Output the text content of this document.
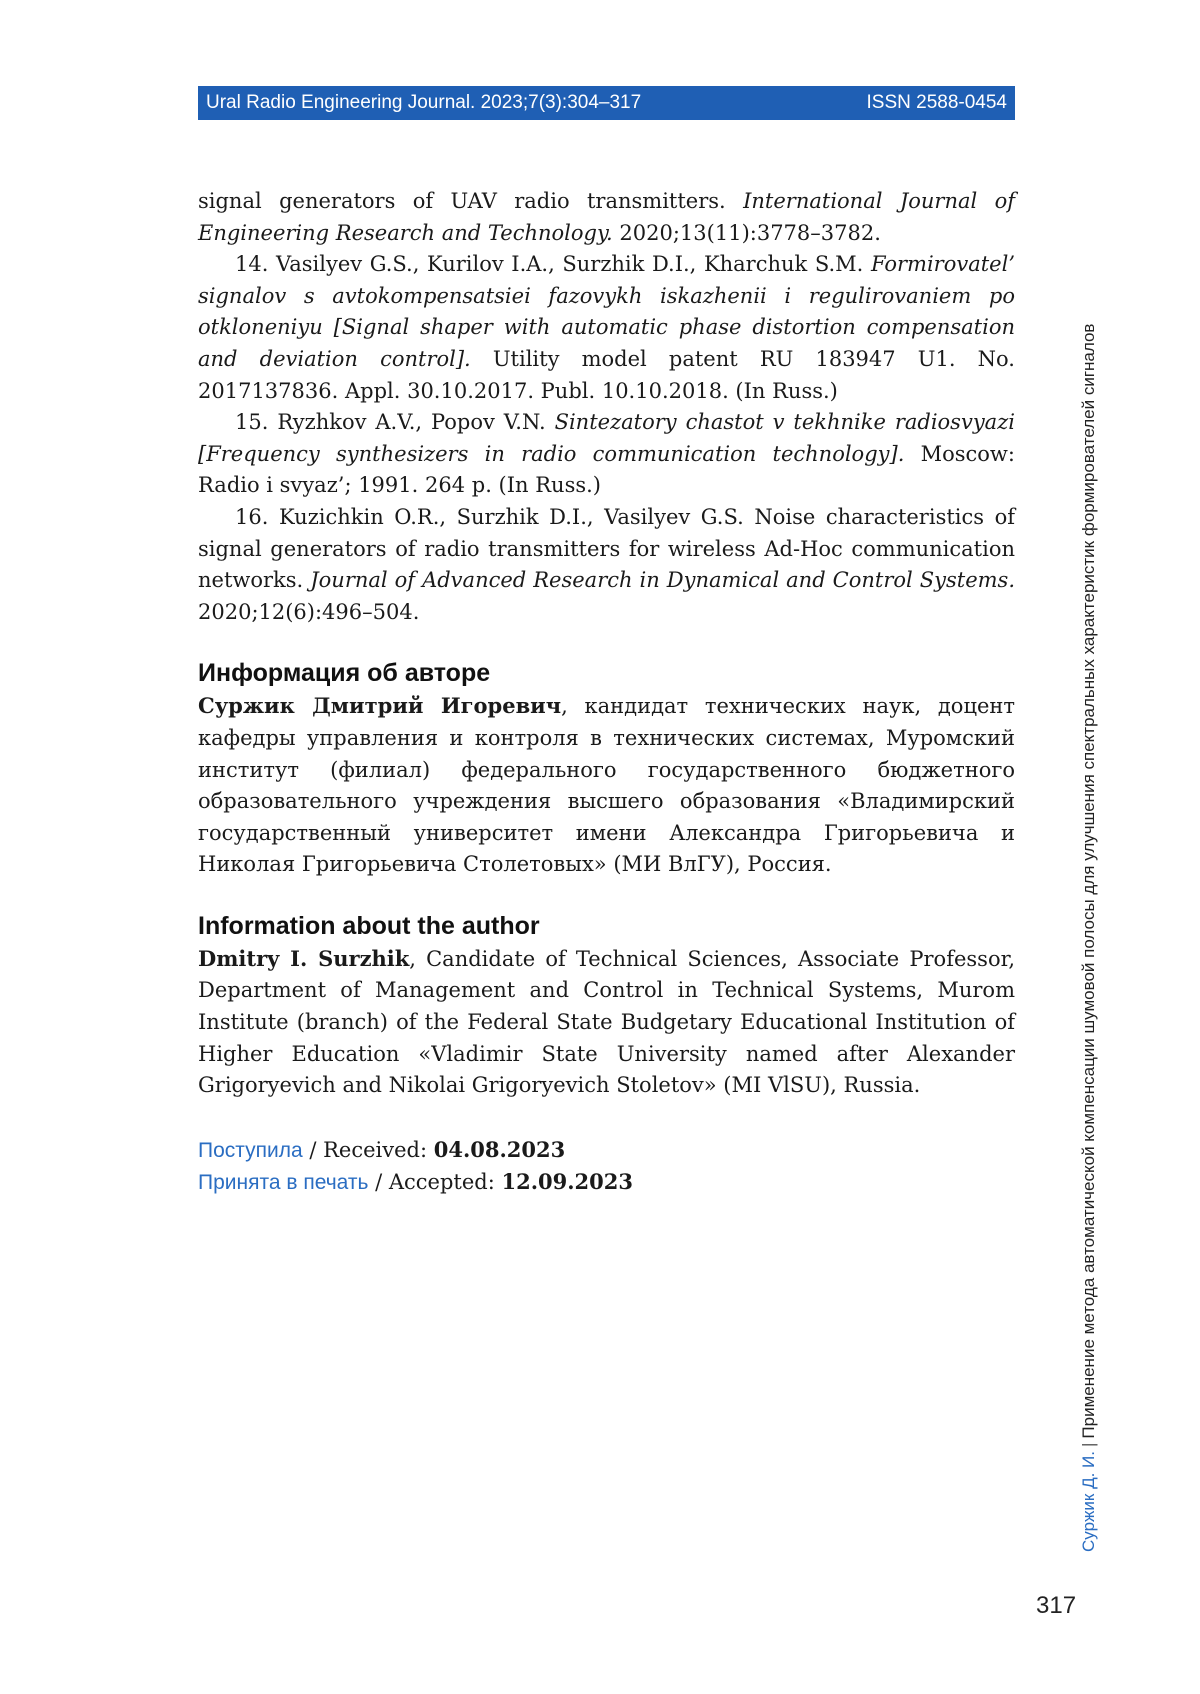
Ural Radio Engineering Journal. 2023;7(3):304–317	ISSN 2588-0454

signal generators of UAV radio transmitters. International Journal of Engineering Research and Technology. 2020;13(11):3778–3782.

14. Vasilyev G.S., Kurilov I.A., Surzhik D.I., Kharchuk S.M. Formirovatel’ signalov s avtokompensatsiei fazovykh iskazhenii i regulirovaniem po otkloneniyu [Signal shaper with automatic phase distortion compensation and deviation control]. Utility model patent RU 183947 U1. No. 2017137836. Appl. 30.10.2017. Publ. 10.10.2018. (In Russ.)

15. Ryzhkov A.V., Popov V.N. Sintezatory chastot v tekhnike radiosvyazi [Frequency synthesizers in radio communication technology]. Moscow: Radio i svyaz’; 1991. 264 p. (In Russ.)

16. Kuzichkin O.R., Surzhik D.I., Vasilyev G.S. Noise characteristics of signal generators of radio transmitters for wireless Ad-Hoc communication networks. Journal of Advanced Research in Dynamical and Control Systems. 2020;12(6):496–504.

Информация об авторе

Суржик Дмитрий Игоревич, кандидат технических наук, доцент кафедры управления и контроля в технических системах, Муромский институт (филиал) федерального государственного бюджетного образовательного учреждения высшего образования «Владимирский государственный университет имени Александра Григорьевича и Николая Григорьевича Столетовых» (МИ ВлГУ), Россия.

Information about the author

Dmitry I. Surzhik, Candidate of Technical Sciences, Associate Professor, Department of Management and Control in Technical Systems, Murom Institute (branch) of the Federal State Budgetary Educational Institution of Higher Education «Vladimir State University named after Alexander Grigoryevich and Nikolai Grigoryevich Stoletov» (MI VlSU), Russia.

Поступила / Received: 04.08.2023

Принята в печать / Accepted: 12.09.2023

Суржик Д. И.|Применение метода автоматической компенсации шумовой полосы для улучшения спектральных характеристик формирователей сигналов
317
